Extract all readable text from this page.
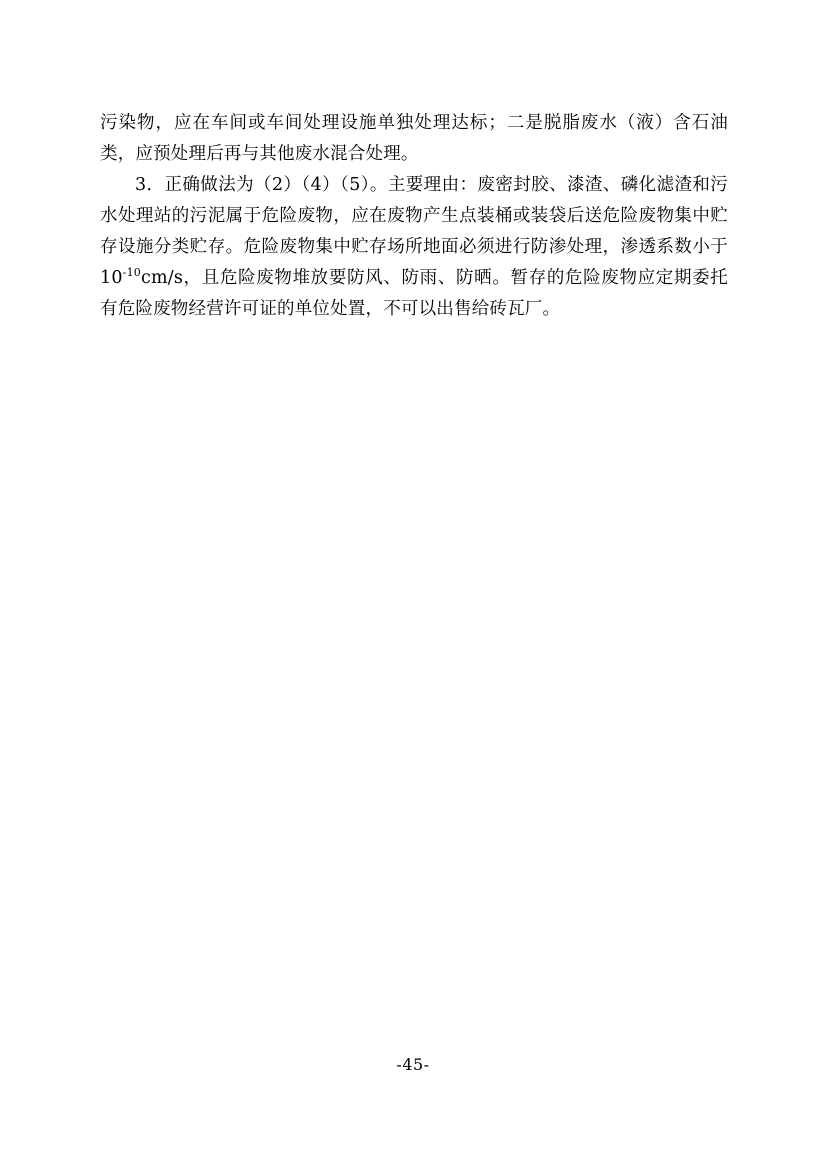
污染物，应在车间或车间处理设施单独处理达标；二是脱脂废水（液）含石油类，应预处理后再与其他废水混合处理。

3．正确做法为（2）（4）（5）。主要理由：废密封胶、漆渣、磷化滤渣和污水处理站的污泥属于危险废物，应在废物产生点装桶或装袋后送危险废物集中贮存设施分类贮存。危险废物集中贮存场所地面必须进行防渗处理，渗透系数小于 $10^{-10}cm/s$，且危险废物堆放要防风、防雨、防晒。暂存的危险废物应定期委托有危险废物经营许可证的单位处置，不可以出售给砖瓦厂。

-45-
